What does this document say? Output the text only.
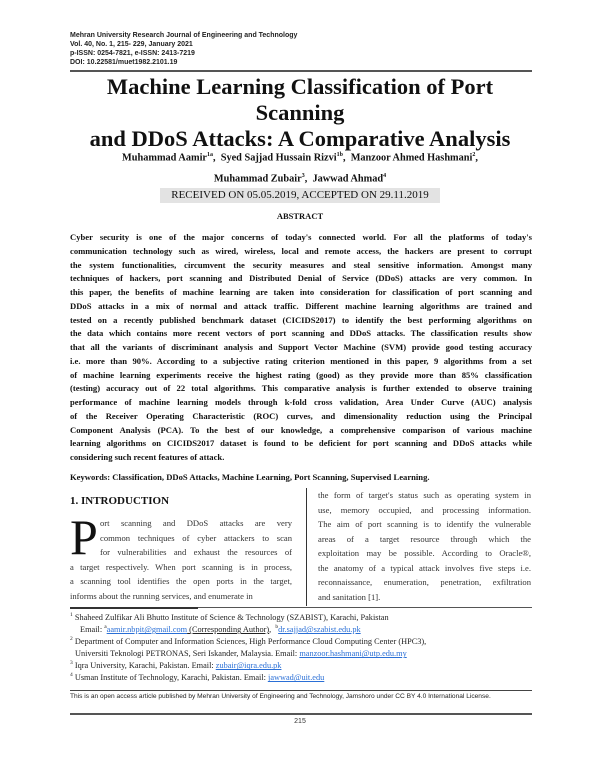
Mehran University Research Journal of Engineering and Technology
Vol. 40, No. 1, 215- 229, January 2021
p-ISSN: 0254-7821, e-ISSN: 2413-7219
DOI: 10.22581/muet1982.2101.19
Machine Learning Classification of Port Scanning
and DDoS Attacks: A Comparative Analysis
Muhammad Aamir$^{1a}$,  Syed Sajjad Hussain Rizvi$^{1b}$,  Manzoor Ahmed Hashmani$^2$,
Muhammad Zubair$^3$,  Jawwad Ahmad$^4$
RECEIVED ON 05.05.2019, ACCEPTED ON 29.11.2019
ABSTRACT
Cyber security is one of the major concerns of today's connected world. For all the platforms of today's
communication technology such as wired, wireless, local and remote access, the hackers are present to corrupt
the system functionalities, circumvent the security measures and steal sensitive information. Amongst many
techniques of hackers, port scanning and Distributed Denial of Service (DDoS) attacks are very common. In
this paper, the benefits of machine learning are taken into consideration for classification of port scanning and
DDoS attacks in a mix of normal and attack traffic. Different machine learning algorithms are trained and
tested on a recently published benchmark dataset (CICIDS2017) to identify the best performing algorithms on
the data which contains more recent vectors of port scanning and DDoS attacks. The classification results show
that all the variants of discriminant analysis and Support Vector Machine (SVM) provide good testing accuracy
i.e. more than 90%. According to a subjective rating criterion mentioned in this paper, 9 algorithms from a set
of machine learning experiments receive the highest rating (good) as they provide more than 85% classification
(testing) accuracy out of 22 total algorithms. This comparative analysis is further extended to observe training
performance of machine learning models through k-fold cross validation, Area Under Curve (AUC) analysis
of the Receiver Operating Characteristic (ROC) curves, and dimensionality reduction using the Principal
Component Analysis (PCA). To the best of our knowledge, a comprehensive comparison of various machine
learning algorithms on CICIDS2017 dataset is found to be deficient for port scanning and DDoS attacks while
considering such recent features of attack.
Keywords: Classification, DDoS Attacks, Machine Learning, Port Scanning, Supervised Learning.
1. INTRODUCTION
P ort scanning and DDoS attacks are very
common techniques of cyber attackers to scan
for vulnerabilities and exhaust the resources of
a target respectively. When port scanning is in process,
a scanning tool identifies the open ports in the target,
informs about the running services, and enumerate in
the form of target's status such as operating system in
use, memory occupied, and processing information.
The aim of port scanning is to identify the vulnerable
areas of a target resource through which the
exploitation may be possible. According to Oracle®,
the anatomy of a typical attack involves five steps i.e.
reconnaissance, enumeration, penetration, exfiltration
and sanitation [1].
$^1$ Shaheed Zulfikar Ali Bhutto Institute of Science & Technology (SZABIST), Karachi, Pakistan
Email: $^a$aamir.nbpit@gmail.com (Corresponding Author),  $^b$dr.sajjad@szabist.edu.pk
$^2$ Department of Computer and Information Sciences, High Performance Cloud Computing Center (HPC3),
Universiti Teknologi PETRONAS, Seri Iskander, Malaysia. Email: manzoor.hashmani@utp.edu.my
$^3$ Iqra University, Karachi, Pakistan. Email: zubair@iqra.edu.pk
$^4$ Usman Institute of Technology, Karachi, Pakistan. Email: jawwad@uit.edu
This is an open access article published by Mehran University of Engineering and Technology, Jamshoro under CC BY 4.0 International License.
215
